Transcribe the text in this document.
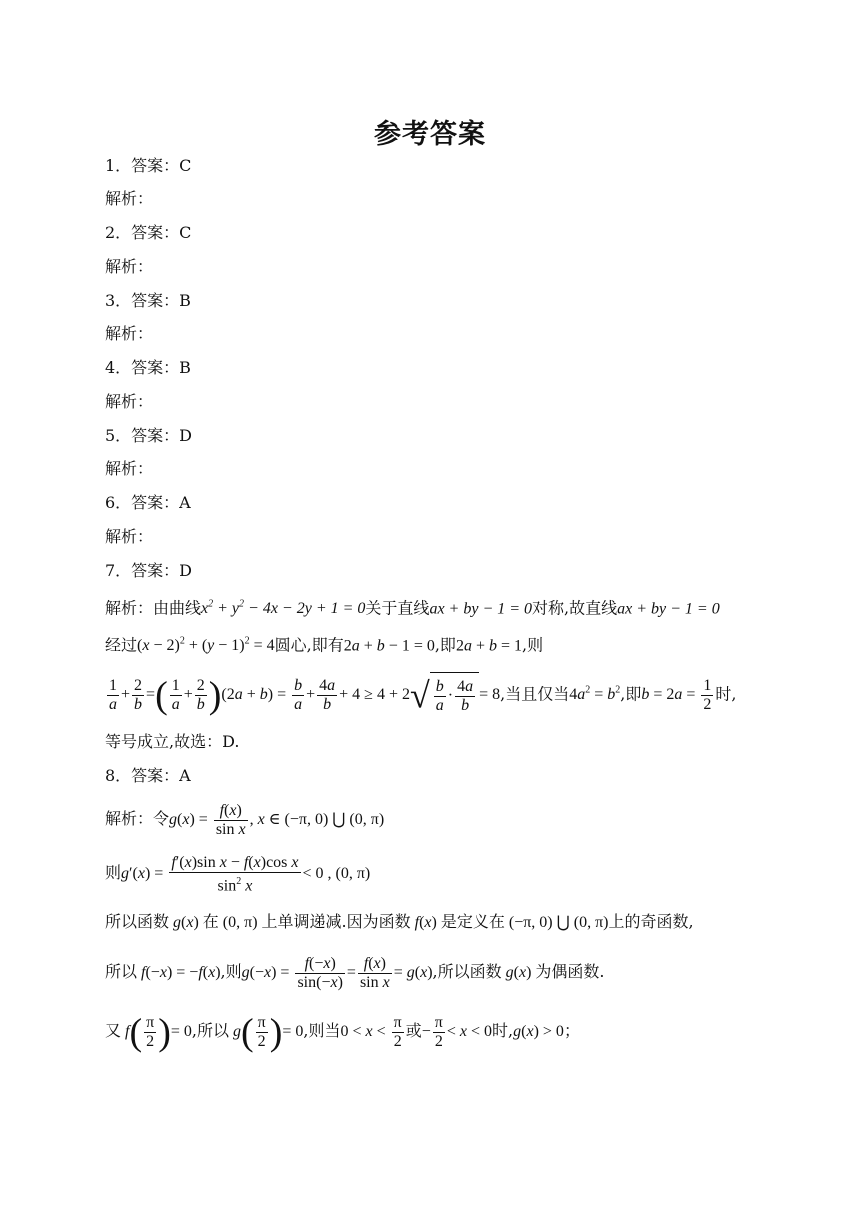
参考答案
1．答案：C
解析：
2．答案：C
解析：
3．答案：B
解析：
4．答案：B
解析：
5．答案：D
解析：
6．答案：A
解析：
7．答案：D
解析：由曲线$x^2 + y^2 - 4x - 2y + 1 = 0$关于直线ax + by − 1 = 0对称,故直线ax + by − 1 = 0
经过$(x - 2)^2 + (y - 1)^2 = 4$圆心,即有2a + b − 1 = 0,即2a + b = 1,则
$\frac{1}{a} + \frac{2}{b}$ =( $\frac{1}{a} + \frac{2}{b} )(2a + b) = \frac{b}{a} + \frac{4a}{b} + 4 \ge 4 + 2√ \frac{b}{a} \cdot \frac{4a}{b} = 8$,当且仅当$4a^2 = b^2$,即$b = 2a = \frac{1}{2}$ 时,
等号成立,故选：D.
8．答案：A
解析：令$g(x) = \frac{f(x)}{\text{sin x}}$ , x ∈ (−π, 0) ⋃ (0, π)
则$g'(x) = \frac{\text{f′(x)sin x − f(x)cos x}}{\sin^2 x} < 0$ , (0, π)
所以函数 g(x) 在 (0, π) 上单调递减.因为函数 f(x) 是定义在 (−π, 0) ⋃ (0, π)上的奇函数,
所以 f(−x) = −f(x),则$g(-x) = \frac{f(-x)}{\sin(-x)} = \frac{f(x)}{\text{sin x}} = g(x)$,所以函数 g(x) 为偶函数.
又 $f( \frac{\pi}{2}$ )= 0,所以 $g( \frac{\pi}{2}$ )= 0,则当$0 < x < \frac{\pi}{2}$ 或− $\frac{\pi}{2} < x < 0$时,g(x) > 0；
